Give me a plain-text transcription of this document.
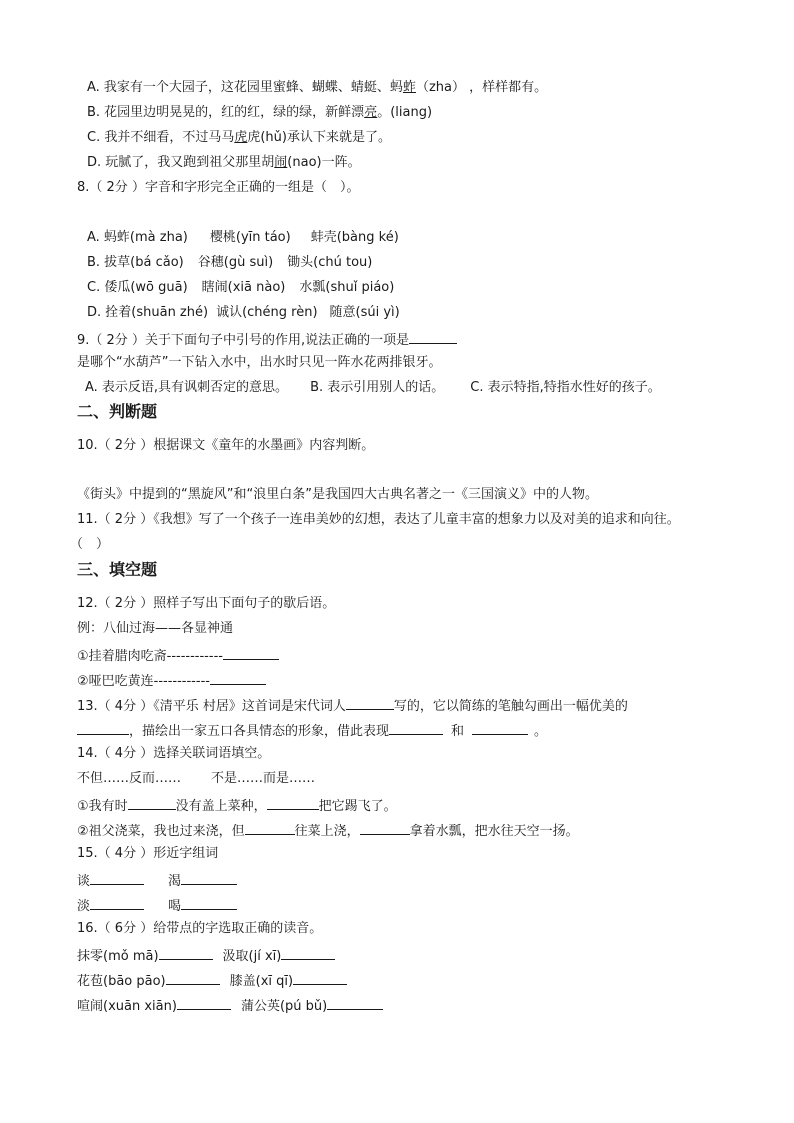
A. 我家有一个大园子，这花园里蜜蜂、蝴蝶、蜻蜓、蚂蚱（zha） ，样样都有。
B. 花园里边明晃晃的，红的红，绿的绿，新鲜漂亮。(liang)
C. 我并不细看，不过马马虎虎(hǔ)承认下来就是了。
D. 玩腻了，我又跑到祖父那里胡闹(nao)一阵。
8.（ 2分 ）字音和字形完全正确的一组是（　）。
A. 蚂蚱(mà zha) 樱桃(yīn táo) 蚌壳(bàng ké)
B. 拔草(bá cǎo) 谷穗(gù suì) 锄头(chú tou)
C. 倭瓜(wō guā) 瞎闹(xiā nào) 水瓢(shuǐ piáo)
D. 拴着(shuān zhé) 诚认(chéng rèn) 随意(súi yì)
9.（ 2分 ）关于下面句子中引号的作用,说法正确的一项是
是哪个“水葫芦”一下钻入水中，出水时只见一阵水花两排银牙。
A. 表示反语,具有讽刺否定的意思。 B. 表示引用别人的话。 C. 表示特指,特指水性好的孩子。
二、判断题
10.（ 2分 ）根据课文《童年的水墨画》内容判断。
《街头》中提到的“黑旋风”和“浪里白条”是我国四大古典名著之一《三国演义》中的人物。
11.（ 2分 ）《我想》写了一个孩子一连串美妙的幻想，表达了儿童丰富的想象力以及对美的追求和向往。
（　）
三、填空题
12.（ 2分 ）照样子写出下面句子的歇后语。
例：八仙过海——各显神通
①挂着腊肉吃斋------------
②哑巴吃黄连------------
13.（ 4分 ）《清平乐 村居》这首词是宋代词人	写的，它以简练的笔触勾画出一幅优美的
，描绘出一家五口各具情态的形象，借此表现	和	。
14.（ 4分 ）选择关联词语填空。
不但……反而…… 不是……而是……
①我有时	没有盖上菜种，	把它踢飞了。
②祖父浇菜，我也过来浇，但	往菜上浇，	拿着水瓢，把水往天空一扬。
15.（ 4分 ）形近字组词
谈	渴
淡	喝
16.（ 6分 ）给带点的字选取正确的读音。
抹零(mǒ mā)	汲取(jí xī)
花苞(bāo pāo)	膝盖(xī qī)
喧闹(xuān xiān)	蒲公英(pú bǔ)
